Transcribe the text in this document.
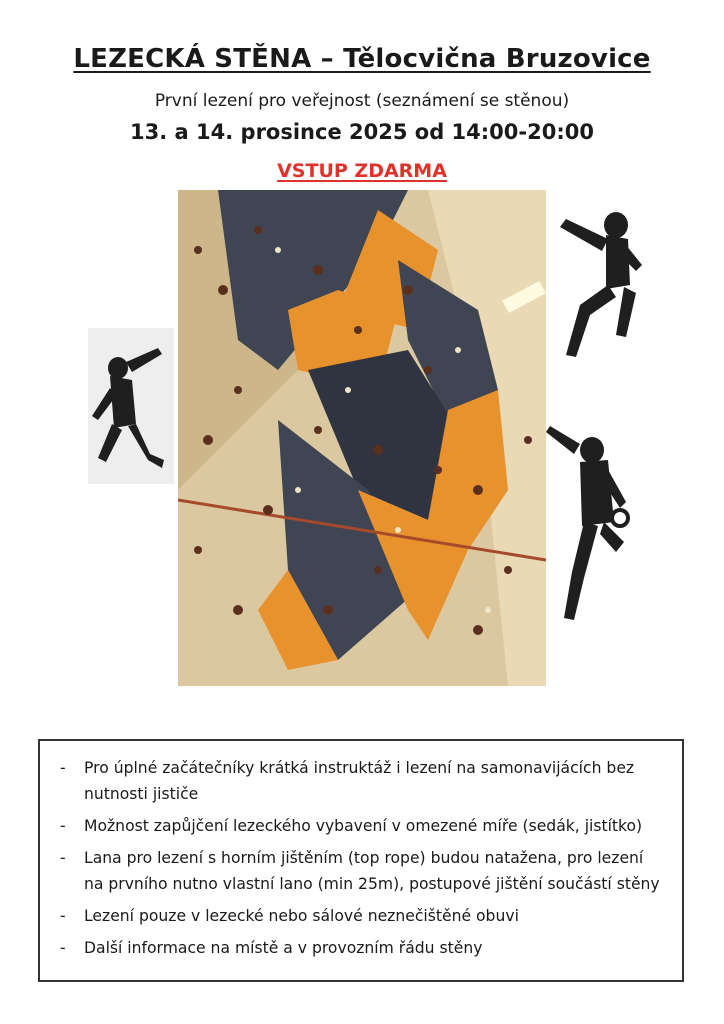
LEZECKÁ STĚNA – Tělocvična Bruzovice
První lezení pro veřejnost (seznámení se stěnou)
13. a 14. prosince 2025 od 14:00-20:00
VSTUP ZDARMA
-	Pro úplné začátečníky krátká instruktáž i lezení na samonavijácích bez nutnosti jističe
-	Možnost zapůjčení lezeckého vybavení v omezené míře (sedák, jistítko)
-	Lana pro lezení s horním jištěním (top rope) budou natažena, pro lezení na prvního nutno vlastní lano (min 25m), postupové jištění součástí stěny
-	Lezení pouze v lezecké nebo sálové neznečištěné obuvi
-	Další informace na místě a v provozním řádu stěny
